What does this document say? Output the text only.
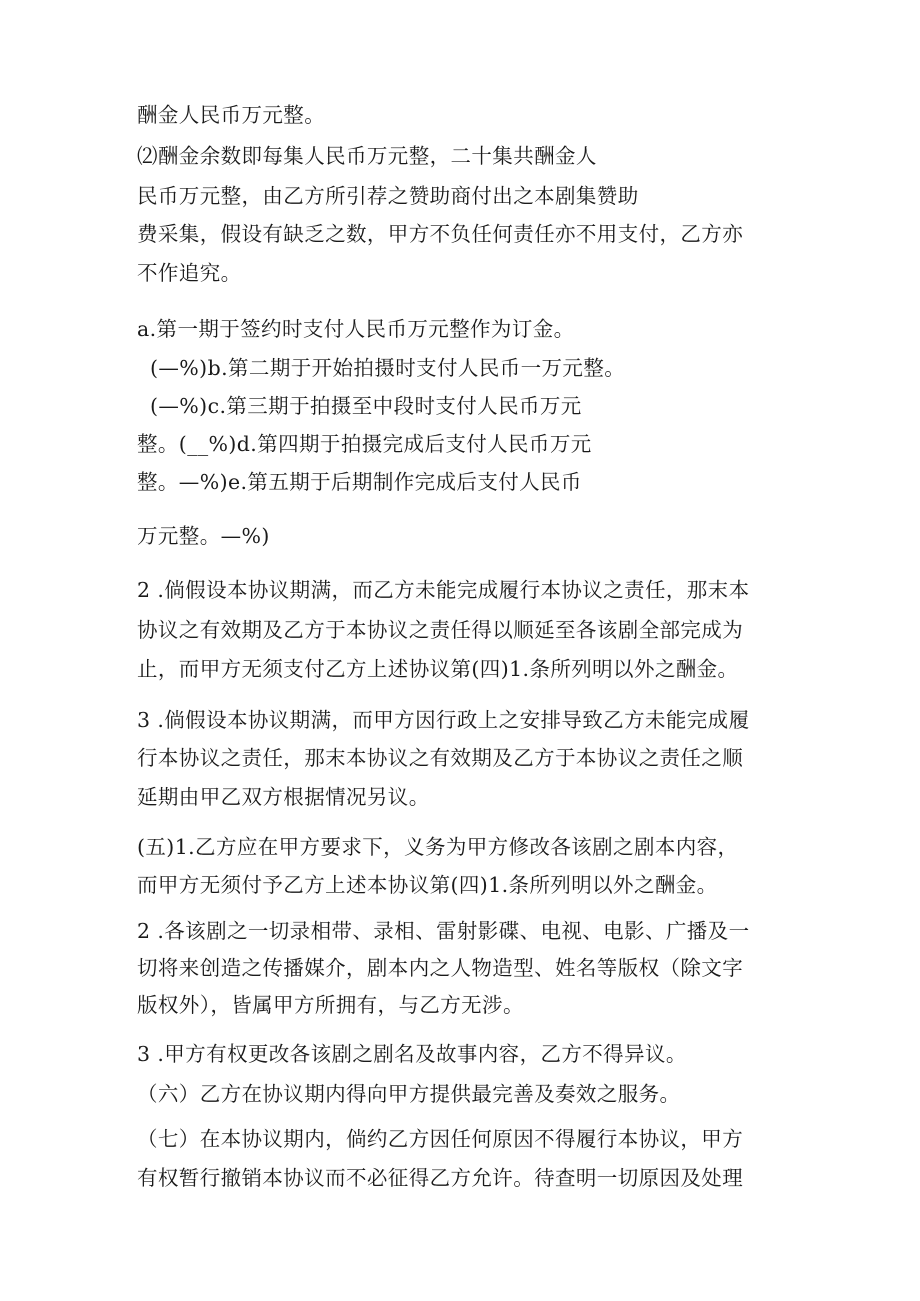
酬金人民币万元整。

⑵酬金余数即每集人民币万元整，二十集共酬金人

民币万元整，由乙方所引荐之赞助商付出之本剧集赞助

费采集，假设有缺乏之数，甲方不负任何责任亦不用支付，乙方亦

不作追究。

a.第一期于签约时支付人民币万元整作为订金。

(—%)b.第二期于开始拍摄时支付人民币一万元整。

(—%)c.第三期于拍摄至中段时支付人民币万元

整。(__%)d.第四期于拍摄完成后支付人民币万元

整。—%)e.第五期于后期制作完成后支付人民币

万元整。—%)

2 .倘假设本协议期满，而乙方未能完成履行本协议之责任，那末本

协议之有效期及乙方于本协议之责任得以顺延至各该剧全部完成为

止，而甲方无须支付乙方上述协议第(四)1.条所列明以外之酬金。

3 .倘假设本协议期满，而甲方因行政上之安排导致乙方未能完成履

行本协议之责任，那末本协议之有效期及乙方于本协议之责任之顺

延期由甲乙双方根据情况另议。

(五)1.乙方应在甲方要求下，义务为甲方修改各该剧之剧本内容，

而甲方无须付予乙方上述本协议第(四)1.条所列明以外之酬金。

2 .各该剧之一切录相带、录相、雷射影碟、电视、电影、广播及一

切将来创造之传播媒介，剧本内之人物造型、姓名等版权（除文字

版权外），皆属甲方所拥有，与乙方无涉。

3 .甲方有权更改各该剧之剧名及故事内容，乙方不得异议。

（六）乙方在协议期内得向甲方提供最完善及奏效之服务。

（七）在本协议期内，倘约乙方因任何原因不得履行本协议，甲方

有权暂行撤销本协议而不必征得乙方允许。待查明一切原因及处理
